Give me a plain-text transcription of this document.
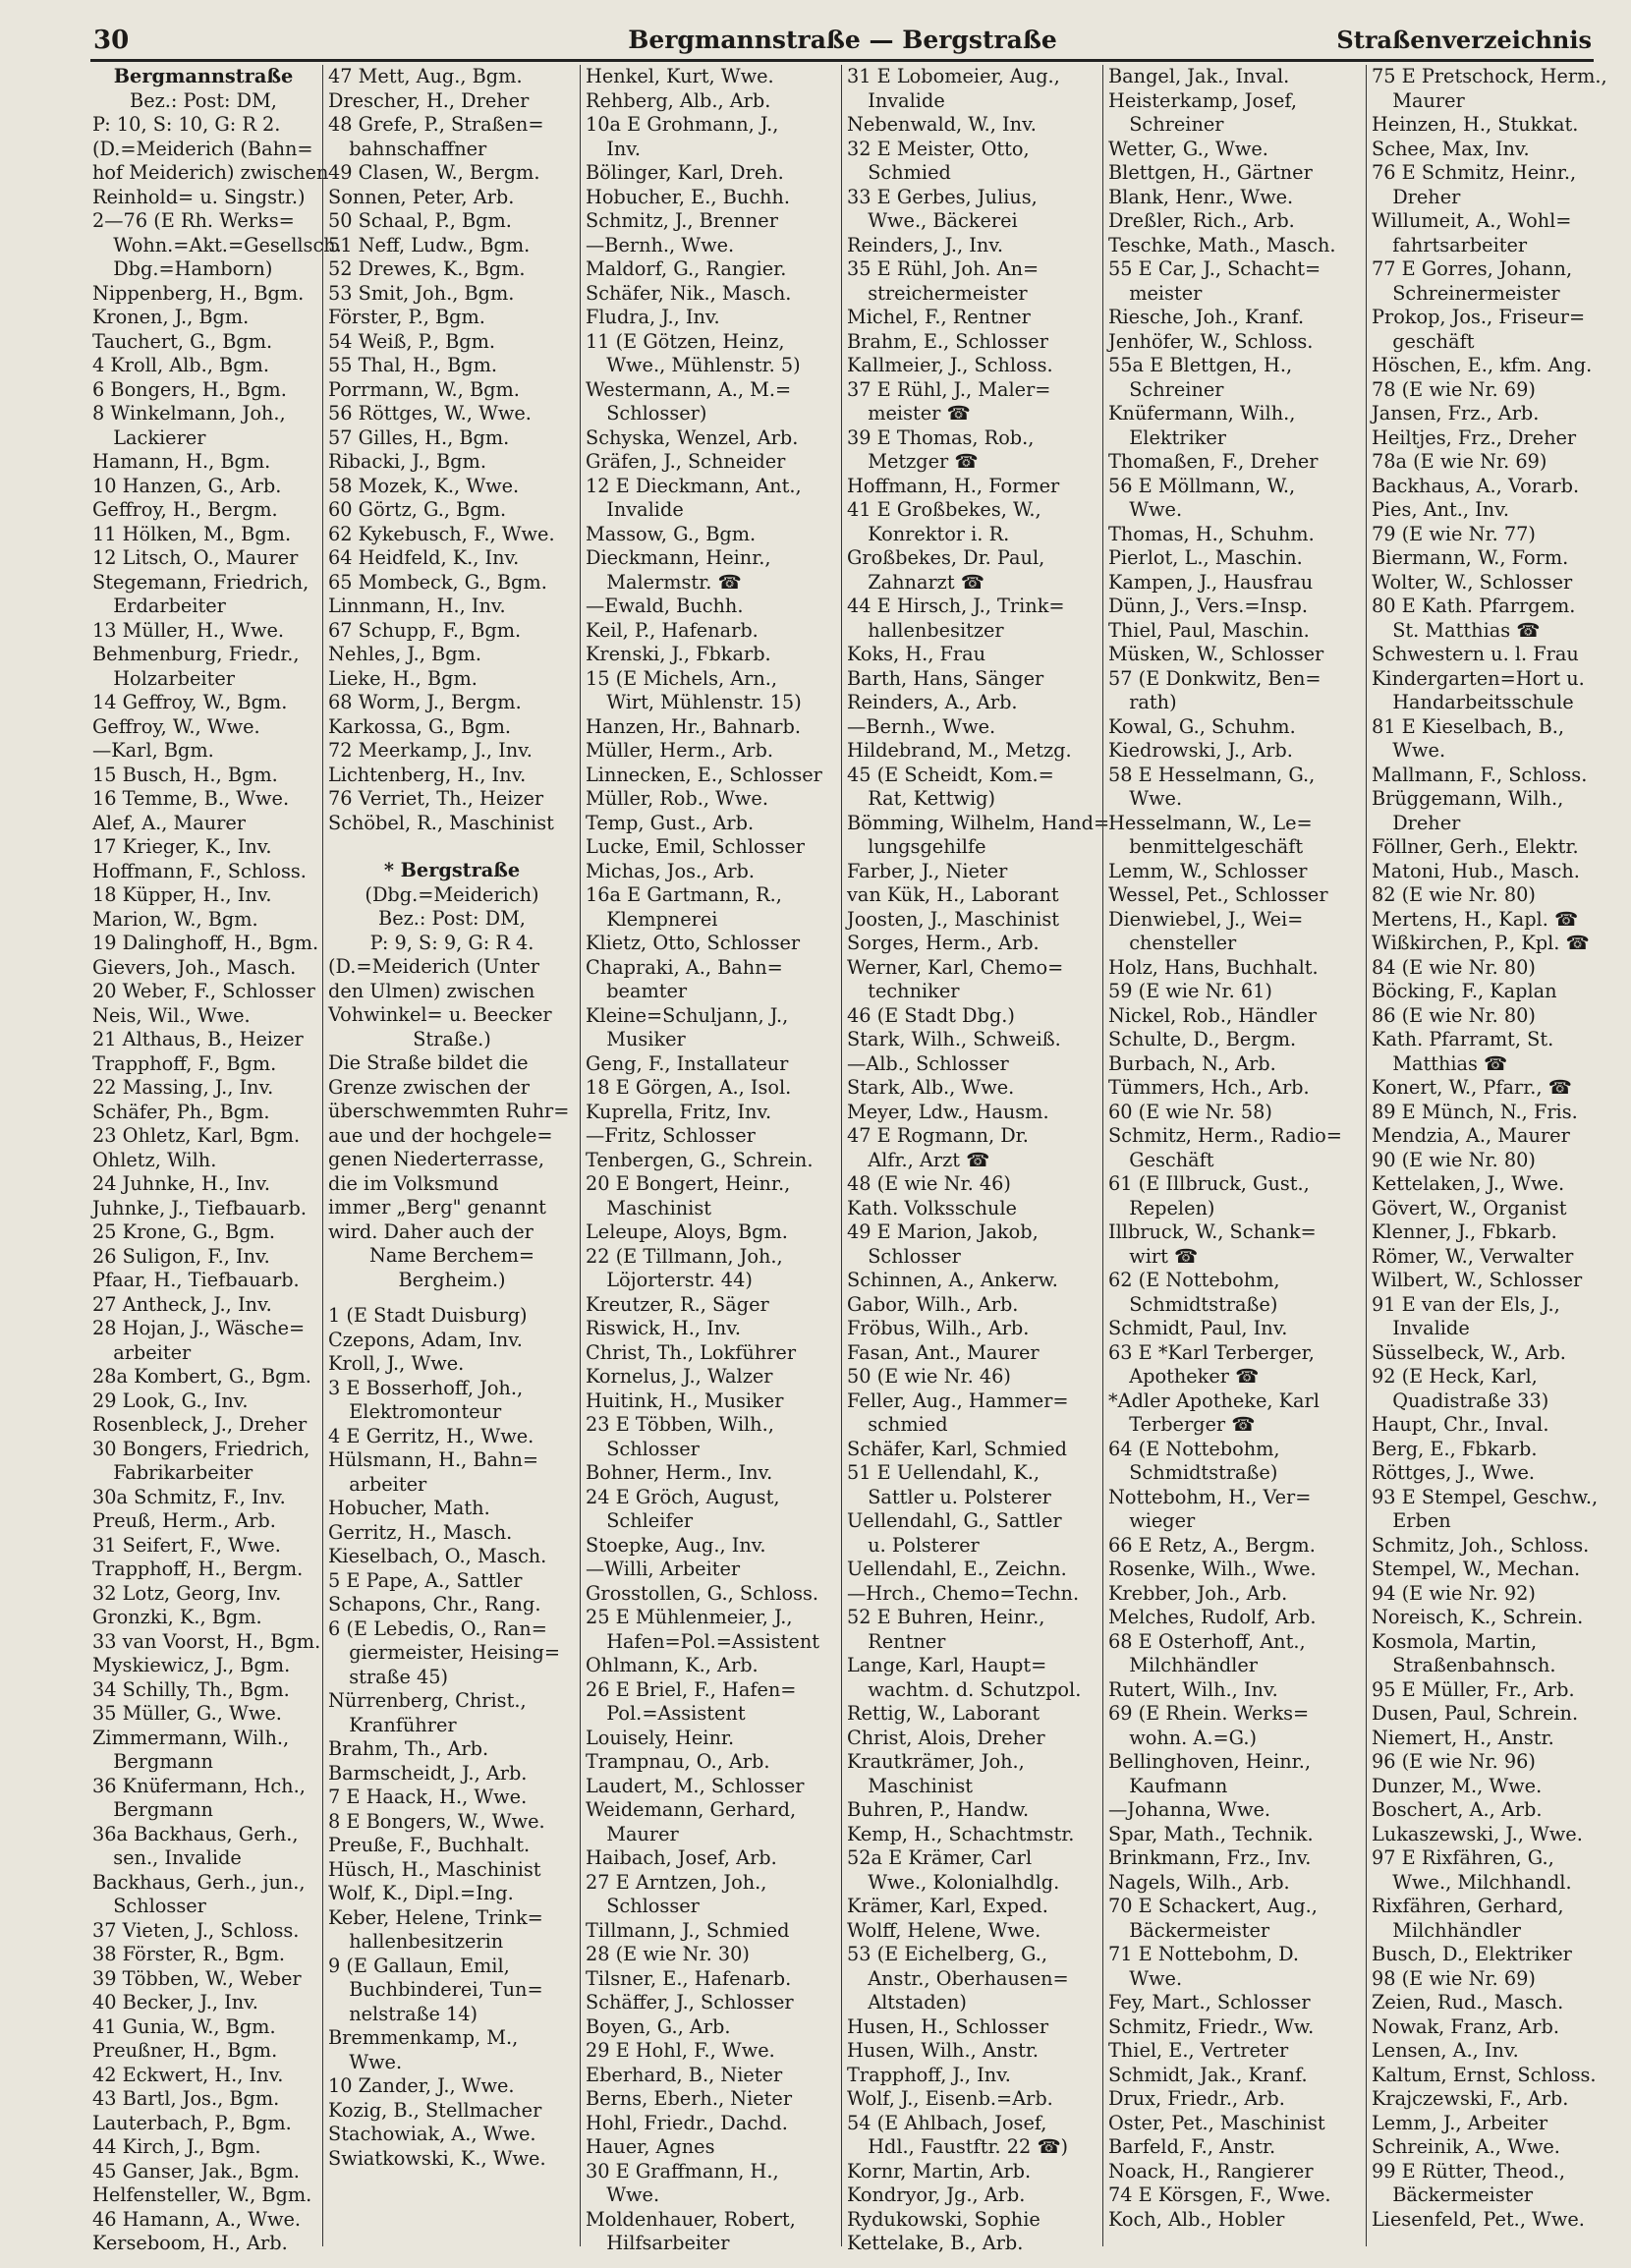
30	Bergmannstraße — Bergstraße	Straßenverzeichnis
Bergmannstraße
Bez.: Post: DM,
P: 10, S: 10, G: R 2.
(D.=Meiderich (Bahn=
hof Meiderich) zwischen
Reinhold= u. Singstr.)
2—76 (E Rh. Werks=
Wohn.=Akt.=Gesellsch.
Dbg.=Hamborn)
Nippenberg, H., Bgm.
Kronen, J., Bgm.
Tauchert, G., Bgm.
4 Kroll, Alb., Bgm.
6 Bongers, H., Bgm.
8 Winkelmann, Joh.,
Lackierer
Hamann, H., Bgm.
10 Hanzen, G., Arb.
Geffroy, H., Bergm.
11 Hölken, M., Bgm.
12 Litsch, O., Maurer
Stegemann, Friedrich,
Erdarbeiter
13 Müller, H., Wwe.
Behmenburg, Friedr.,
Holzarbeiter
14 Geffroy, W., Bgm.
Geffroy, W., Wwe.
—Karl, Bgm.
15 Busch, H., Bgm.
16 Temme, B., Wwe.
Alef, A., Maurer
17 Krieger, K., Inv.
Hoffmann, F., Schloss.
18 Küpper, H., Inv.
Marion, W., Bgm.
19 Dalinghoff, H., Bgm.
Gievers, Joh., Masch.
20 Weber, F., Schlosser
Neis, Wil., Wwe.
21 Althaus, B., Heizer
Trapphoff, F., Bgm.
22 Massing, J., Inv.
Schäfer, Ph., Bgm.
23 Ohletz, Karl, Bgm.
Ohletz, Wilh.
24 Juhnke, H., Inv.
Juhnke, J., Tiefbauarb.
25 Krone, G., Bgm.
26 Suligon, F., Inv.
Pfaar, H., Tiefbauarb.
27 Antheck, J., Inv.
28 Hojan, J., Wäsche=
arbeiter
28a Kombert, G., Bgm.
29 Look, G., Inv.
Rosenbleck, J., Dreher
30 Bongers, Friedrich,
Fabrikarbeiter
30a Schmitz, F., Inv.
Preuß, Herm., Arb.
31 Seifert, F., Wwe.
Trapphoff, H., Bergm.
32 Lotz, Georg, Inv.
Gronzki, K., Bgm.
33 van Voorst, H., Bgm.
Myskiewicz, J., Bgm.
34 Schilly, Th., Bgm.
35 Müller, G., Wwe.
Zimmermann, Wilh.,
Bergmann
36 Knüfermann, Hch.,
Bergmann
36a Backhaus, Gerh.,
sen., Invalide
Backhaus, Gerh., jun.,
Schlosser
37 Vieten, J., Schloss.
38 Förster, R., Bgm.
39 Többen, W., Weber
40 Becker, J., Inv.
41 Gunia, W., Bgm.
Preußner, H., Bgm.
42 Eckwert, H., Inv.
43 Bartl, Jos., Bgm.
Lauterbach, P., Bgm.
44 Kirch, J., Bgm.
45 Ganser, Jak., Bgm.
Helfensteller, W., Bgm.
46 Hamann, A., Wwe.
Kerseboom, H., Arb.
47 Mett, Aug., Bgm.
Drescher, H., Dreher
48 Grefe, P., Straßen=
bahnschaffner
49 Clasen, W., Bergm.
Sonnen, Peter, Arb.
50 Schaal, P., Bgm.
51 Neff, Ludw., Bgm.
52 Drewes, K., Bgm.
53 Smit, Joh., Bgm.
Förster, P., Bgm.
54 Weiß, P., Bgm.
55 Thal, H., Bgm.
Porrmann, W., Bgm.
56 Röttges, W., Wwe.
57 Gilles, H., Bgm.
Ribacki, J., Bgm.
58 Mozek, K., Wwe.
60 Görtz, G., Bgm.
62 Kykebusch, F., Wwe.
64 Heidfeld, K., Inv.
65 Mombeck, G., Bgm.
Linnmann, H., Inv.
67 Schupp, F., Bgm.
Nehles, J., Bgm.
Lieke, H., Bgm.
68 Worm, J., Bergm.
Karkossa, G., Bgm.
72 Meerkamp, J., Inv.
Lichtenberg, H., Inv.
76 Verriet, Th., Heizer
Schöbel, R., Maschinist
* Bergstraße
(Dbg.=Meiderich)
Bez.: Post: DM,
P: 9, S: 9, G: R 4.
(D.=Meiderich (Unter
den Ulmen) zwischen
Vohwinkel= u. Beecker
Straße.)
Die Straße bildet die
Grenze zwischen der
überschwemmten Ruhr=
aue und der hochgele=
genen Niederterrasse,
die im Volksmund
immer „Berg" genannt
wird. Daher auch der
Name Berchem=
Bergheim.)
1 (E Stadt Duisburg)
Czepons, Adam, Inv.
Kroll, J., Wwe.
3 E Bosserhoff, Joh.,
Elektromonteur
4 E Gerritz, H., Wwe.
Hülsmann, H., Bahn=
arbeiter
Hobucher, Math.
Gerritz, H., Masch.
Kieselbach, O., Masch.
5 E Pape, A., Sattler
Schapons, Chr., Rang.
6 (E Lebedis, O., Ran=
giermeister, Heising=
straße 45)
Nürrenberg, Christ.,
Kranführer
Brahm, Th., Arb.
Barmscheidt, J., Arb.
7 E Haack, H., Wwe.
8 E Bongers, W., Wwe.
Preuße, F., Buchhalt.
Hüsch, H., Maschinist
Wolf, K., Dipl.=Ing.
Keber, Helene, Trink=
hallenbesitzerin
9 (E Gallaun, Emil,
Buchbinderei, Tun=
nelstraße 14)
Bremmenkamp, M.,
Wwe.
10 Zander, J., Wwe.
Kozig, B., Stellmacher
Stachowiak, A., Wwe.
Swiatkowski, K., Wwe.
Henkel, Kurt, Wwe.
Rehberg, Alb., Arb.
10a E Grohmann, J.,
Inv.
Bölinger, Karl, Dreh.
Hobucher, E., Buchh.
Schmitz, J., Brenner
—Bernh., Wwe.
Maldorf, G., Rangier.
Schäfer, Nik., Masch.
Fludra, J., Inv.
11 (E Götzen, Heinz,
Wwe., Mühlenstr. 5)
Westermann, A., M.=
Schlosser)
Schyska, Wenzel, Arb.
Gräfen, J., Schneider
12 E Dieckmann, Ant.,
Invalide
Massow, G., Bgm.
Dieckmann, Heinr.,
Malermstr. ☎
—Ewald, Buchh.
Keil, P., Hafenarb.
Krenski, J., Fbkarb.
15 (E Michels, Arn.,
Wirt, Mühlenstr. 15)
Hanzen, Hr., Bahnarb.
Müller, Herm., Arb.
Linnecken, E., Schlosser
Müller, Rob., Wwe.
Temp, Gust., Arb.
Lucke, Emil, Schlosser
Michas, Jos., Arb.
16a E Gartmann, R.,
Klempnerei
Klietz, Otto, Schlosser
Chapraki, A., Bahn=
beamter
Kleine=Schuljann, J.,
Musiker
Geng, F., Installateur
18 E Görgen, A., Isol.
Kuprella, Fritz, Inv.
—Fritz, Schlosser
Tenbergen, G., Schrein.
20 E Bongert, Heinr.,
Maschinist
Leleupe, Aloys, Bgm.
22 (E Tillmann, Joh.,
Löjorterstr. 44)
Kreutzer, R., Säger
Riswick, H., Inv.
Christ, Th., Lokführer
Kornelus, J., Walzer
Huitink, H., Musiker
23 E Többen, Wilh.,
Schlosser
Bohner, Herm., Inv.
24 E Gröch, August,
Schleifer
Stoepke, Aug., Inv.
—Willi, Arbeiter
Grosstollen, G., Schloss.
25 E Mühlenmeier, J.,
Hafen=Pol.=Assistent
Ohlmann, K., Arb.
26 E Briel, F., Hafen=
Pol.=Assistent
Louisely, Heinr.
Trampnau, O., Arb.
Laudert, M., Schlosser
Weidemann, Gerhard,
Maurer
Haibach, Josef, Arb.
27 E Arntzen, Joh.,
Schlosser
Tillmann, J., Schmied
28 (E wie Nr. 30)
Tilsner, E., Hafenarb.
Schäffer, J., Schlosser
Boyen, G., Arb.
29 E Hohl, F., Wwe.
Eberhard, B., Nieter
Berns, Eberh., Nieter
Hohl, Friedr., Dachd.
Hauer, Agnes
30 E Graffmann, H.,
Wwe.
Moldenhauer, Robert,
Hilfsarbeiter
31 E Lobomeier, Aug.,
Invalide
Nebenwald, W., Inv.
32 E Meister, Otto,
Schmied
33 E Gerbes, Julius,
Wwe., Bäckerei
Reinders, J., Inv.
35 E Rühl, Joh. An=
streichermeister
Michel, F., Rentner
Brahm, E., Schlosser
Kallmeier, J., Schloss.
37 E Rühl, J., Maler=
meister ☎
39 E Thomas, Rob.,
Metzger ☎
Hoffmann, H., Former
41 E Großbekes, W.,
Konrektor i. R.
Großbekes, Dr. Paul,
Zahnarzt ☎
44 E Hirsch, J., Trink=
hallenbesitzer
Koks, H., Frau
Barth, Hans, Sänger
Reinders, A., Arb.
—Bernh., Wwe.
Hildebrand, M., Metzg.
45 (E Scheidt, Kom.=
Rat, Kettwig)
Bömming, Wilhelm, Hand=
lungsgehilfe
Farber, J., Nieter
van Kük, H., Laborant
Joosten, J., Maschinist
Sorges, Herm., Arb.
Werner, Karl, Chemo=
techniker
46 (E Stadt Dbg.)
Stark, Wilh., Schweiß.
—Alb., Schlosser
Stark, Alb., Wwe.
Meyer, Ldw., Hausm.
47 E Rogmann, Dr.
Alfr., Arzt ☎
48 (E wie Nr. 46)
Kath. Volksschule
49 E Marion, Jakob,
Schlosser
Schinnen, A., Ankerw.
Gabor, Wilh., Arb.
Fröbus, Wilh., Arb.
Fasan, Ant., Maurer
50 (E wie Nr. 46)
Feller, Aug., Hammer=
schmied
Schäfer, Karl, Schmied
51 E Uellendahl, K.,
Sattler u. Polsterer
Uellendahl, G., Sattler
u. Polsterer
Uellendahl, E., Zeichn.
—Hrch., Chemo=Techn.
52 E Buhren, Heinr.,
Rentner
Lange, Karl, Haupt=
wachtm. d. Schutzpol.
Rettig, W., Laborant
Christ, Alois, Dreher
Krautkrämer, Joh.,
Maschinist
Buhren, P., Handw.
Kemp, H., Schachtmstr.
52a E Krämer, Carl
Wwe., Kolonialhdlg.
Krämer, Karl, Exped.
Wolff, Helene, Wwe.
53 (E Eichelberg, G.,
Anstr., Oberhausen=
Altstaden)
Husen, H., Schlosser
Husen, Wilh., Anstr.
Trapphoff, J., Inv.
Wolf, J., Eisenb.=Arb.
54 (E Ahlbach, Josef,
Hdl., Faustftr. 22 ☎)
Kornr, Martin, Arb.
Kondryor, Jg., Arb.
Rydukowski, Sophie
Kettelake, B., Arb.
Bangel, Jak., Inval.
Heisterkamp, Josef,
Schreiner
Wetter, G., Wwe.
Blettgen, H., Gärtner
Blank, Henr., Wwe.
Dreßler, Rich., Arb.
Teschke, Math., Masch.
55 E Car, J., Schacht=
meister
Riesche, Joh., Kranf.
Jenhöfer, W., Schloss.
55a E Blettgen, H.,
Schreiner
Knüfermann, Wilh.,
Elektriker
Thomaßen, F., Dreher
56 E Möllmann, W.,
Wwe.
Thomas, H., Schuhm.
Pierlot, L., Maschin.
Kampen, J., Hausfrau
Dünn, J., Vers.=Insp.
Thiel, Paul, Maschin.
Müsken, W., Schlosser
57 (E Donkwitz, Ben=
rath)
Kowal, G., Schuhm.
Kiedrowski, J., Arb.
58 E Hesselmann, G.,
Wwe.
Hesselmann, W., Le=
benmittelgeschäft
Lemm, W., Schlosser
Wessel, Pet., Schlosser
Dienwiebel, J., Wei=
chensteller
Holz, Hans, Buchhalt.
59 (E wie Nr. 61)
Nickel, Rob., Händler
Schulte, D., Bergm.
Burbach, N., Arb.
Tümmers, Hch., Arb.
60 (E wie Nr. 58)
Schmitz, Herm., Radio=
Geschäft
61 (E Illbruck, Gust.,
Repelen)
Illbruck, W., Schank=
wirt ☎
62 (E Nottebohm,
Schmidtstraße)
Schmidt, Paul, Inv.
63 E *Karl Terberger,
Apotheker ☎
*Adler Apotheke, Karl
Terberger ☎
64 (E Nottebohm,
Schmidtstraße)
Nottebohm, H., Ver=
wieger
66 E Retz, A., Bergm.
Rosenke, Wilh., Wwe.
Krebber, Joh., Arb.
Melches, Rudolf, Arb.
68 E Osterhoff, Ant.,
Milchhändler
Rutert, Wilh., Inv.
69 (E Rhein. Werks=
wohn. A.=G.)
Bellinghoven, Heinr.,
Kaufmann
—Johanna, Wwe.
Spar, Math., Technik.
Brinkmann, Frz., Inv.
Nagels, Wilh., Arb.
70 E Schackert, Aug.,
Bäckermeister
71 E Nottebohm, D.
Wwe.
Fey, Mart., Schlosser
Schmitz, Friedr., Ww.
Thiel, E., Vertreter
Schmidt, Jak., Kranf.
Drux, Friedr., Arb.
Oster, Pet., Maschinist
Barfeld, F., Anstr.
Noack, H., Rangierer
74 E Körsgen, F., Wwe.
Koch, Alb., Hobler
75 E Pretschock, Herm.,
Maurer
Heinzen, H., Stukkat.
Schee, Max, Inv.
76 E Schmitz, Heinr.,
Dreher
Willumeit, A., Wohl=
fahrtsarbeiter
77 E Gorres, Johann,
Schreinermeister
Prokop, Jos., Friseur=
geschäft
Höschen, E., kfm. Ang.
78 (E wie Nr. 69)
Jansen, Frz., Arb.
Heiltjes, Frz., Dreher
78a (E wie Nr. 69)
Backhaus, A., Vorarb.
Pies, Ant., Inv.
79 (E wie Nr. 77)
Biermann, W., Form.
Wolter, W., Schlosser
80 E Kath. Pfarrgem.
St. Matthias ☎
Schwestern u. l. Frau
Kindergarten=Hort u.
Handarbeitsschule
81 E Kieselbach, B.,
Wwe.
Mallmann, F., Schloss.
Brüggemann, Wilh.,
Dreher
Föllner, Gerh., Elektr.
Matoni, Hub., Masch.
82 (E wie Nr. 80)
Mertens, H., Kapl. ☎
Wißkirchen, P., Kpl. ☎
84 (E wie Nr. 80)
Böcking, F., Kaplan
86 (E wie Nr. 80)
Kath. Pfarramt, St.
Matthias ☎
Konert, W., Pfarr., ☎
89 E Münch, N., Fris.
Mendzia, A., Maurer
90 (E wie Nr. 80)
Kettelaken, J., Wwe.
Gövert, W., Organist
Klenner, J., Fbkarb.
Römer, W., Verwalter
Wilbert, W., Schlosser
91 E van der Els, J.,
Invalide
Süsselbeck, W., Arb.
92 (E Heck, Karl,
Quadistraße 33)
Haupt, Chr., Inval.
Berg, E., Fbkarb.
Röttges, J., Wwe.
93 E Stempel, Geschw.,
Erben
Schmitz, Joh., Schloss.
Stempel, W., Mechan.
94 (E wie Nr. 92)
Noreisch, K., Schrein.
Kosmola, Martin,
Straßenbahnsch.
95 E Müller, Fr., Arb.
Dusen, Paul, Schrein.
Niemert, H., Anstr.
96 (E wie Nr. 96)
Dunzer, M., Wwe.
Boschert, A., Arb.
Lukaszewski, J., Wwe.
97 E Rixfähren, G.,
Wwe., Milchhandl.
Rixfähren, Gerhard,
Milchhändler
Busch, D., Elektriker
98 (E wie Nr. 69)
Zeien, Rud., Masch.
Nowak, Franz, Arb.
Lensen, A., Inv.
Kaltum, Ernst, Schloss.
Krajczewski, F., Arb.
Lemm, J., Arbeiter
Schreinik, A., Wwe.
99 E Rütter, Theod.,
Bäckermeister
Liesenfeld, Pet., Wwe.
